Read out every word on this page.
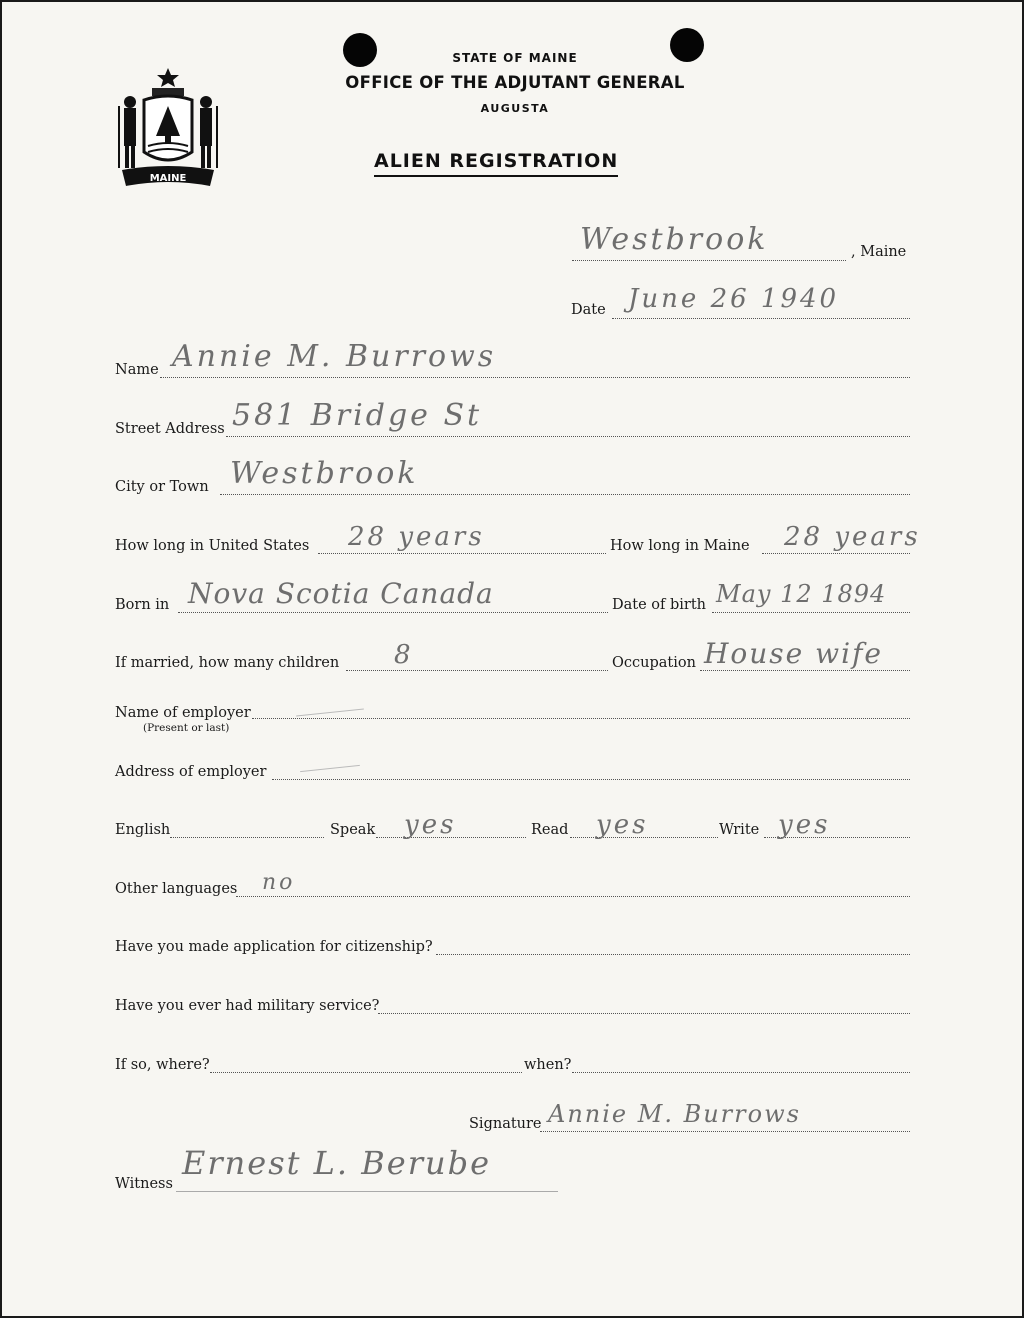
MAINE
STATE OF MAINE
OFFICE OF THE ADJUTANT GENERAL
AUGUSTA
ALIEN REGISTRATION
Westbrook	, Maine
Date June 26 1940
Name Annie M. Burrows
Street Address 581 Bridge St
City or Town Westbrook
How long in United States 28 years	How long in Maine 28 years
Born in Nova Scotia Canada	Date of birth May 12 1894
If married, how many children 8	Occupation House wife
Name of employer
(Present or last)
Address of employer
English	Speak yes	Read yes	Write yes
Other languages no
Have you made application for citizenship?
Have you ever had military service?
If so, where?	when?
Signature Annie M. Burrows
Witness
Ernest L. Berube
